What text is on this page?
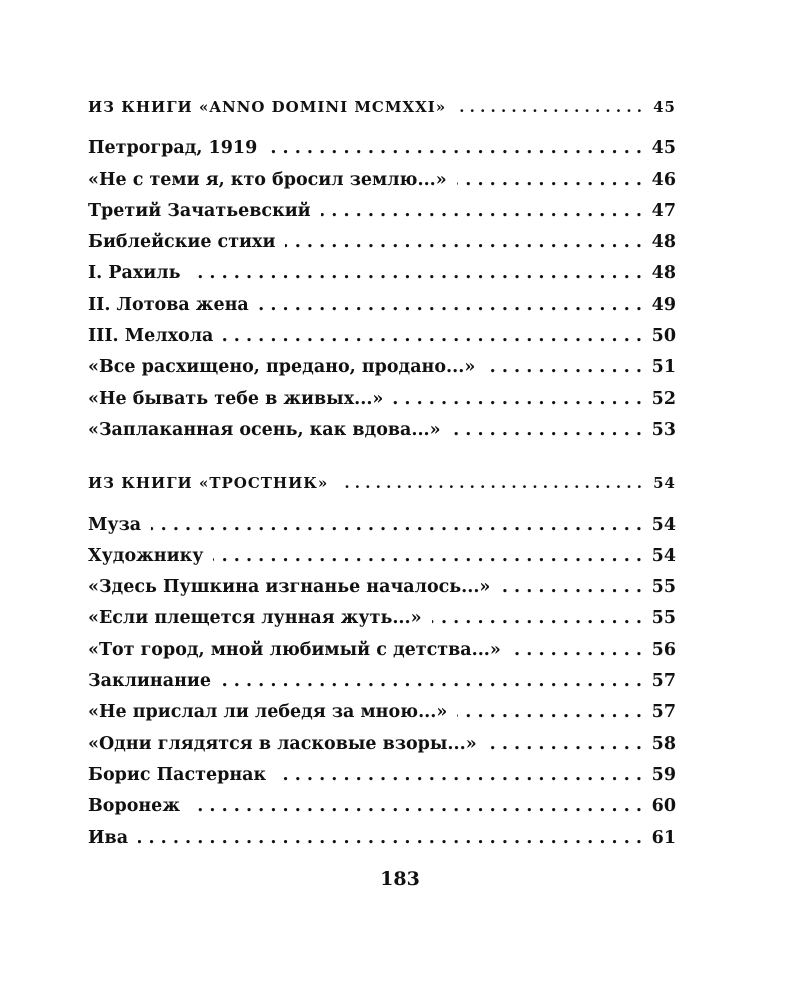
ИЗ КНИГИ «ANNO DOMINI MCMXXI» . . .	45
Петроград, 1919 . . .	45
«Не с теми я, кто бросил землю...» . . .	46
Третий Зачатьевский . . .	47
Библейские стихи . . .	48
I. Рахиль . . .	48
II. Лотова жена . . .	49
III. Мелхола . . .	50
«Все расхищено, предано, продано...» . . .	51
«Не бывать тебе в живых...» . . .	52
«Заплаканная осень, как вдова...» . . .	53
ИЗ КНИГИ «ТРОСТНИК» . . .	54
Муза . . .	54
Художнику . . .	54
«Здесь Пушкина изгнанье началось...» . . .	55
«Если плещется лунная жуть...» . . .	55
«Тот город, мной любимый с детства...» . . .	56
Заклинание . . .	57
«Не прислал ли лебедя за мною...» . . .	57
«Одни глядятся в ласковые взоры...» . . .	58
Борис Пастернак . . .	59
Воронеж . . .	60
Ива . . .	61
183
